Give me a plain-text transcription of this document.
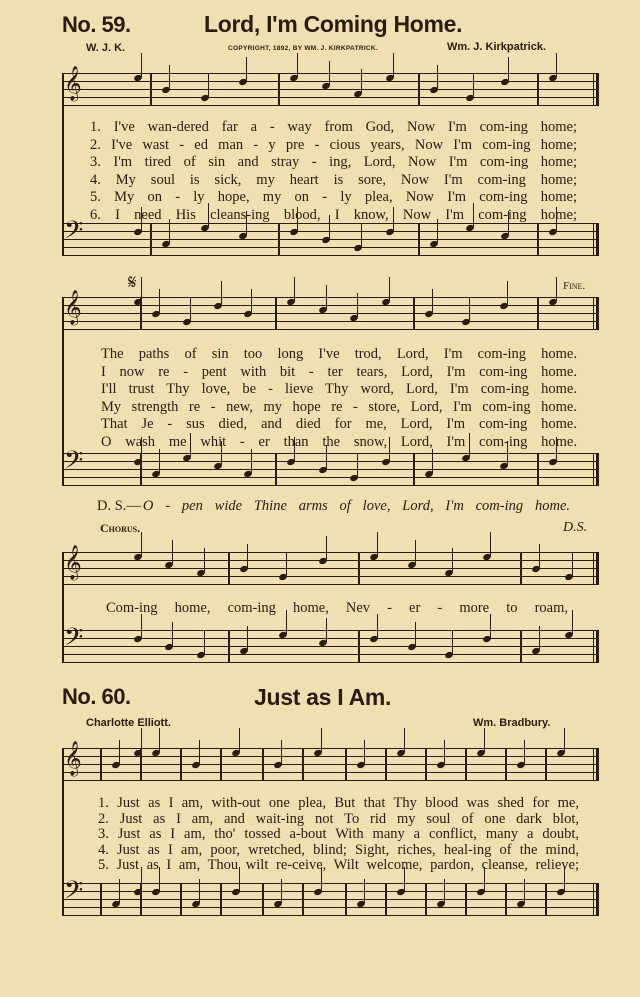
No. 59.	Lord, I'm Coming Home.
W. J. K.	COPYRIGHT, 1892, BY WM. J. KIRKPATRICK.	Wm. J. Kirkpatrick.
𝄞
𝄢
𝄞
𝄢
𝄞
𝄢
𝄞
𝄢
1. I've wan-dered far a - way from God, Now I'm com-ing home;
2. I've wast - ed man - y pre - cious years, Now I'm com-ing home;
3. I'm tired of sin and stray - ing, Lord, Now I'm com-ing home;
4. My soul is sick, my heart is sore, Now I'm com-ing home;
5. My on - ly hope, my on - ly plea, Now I'm com-ing home;
6. I need His cleans-ing blood, I know, Now I'm com-ing home;
𝄋	Fine.
The paths of sin too long I've trod, Lord, I'm com-ing home.
I now re - pent with bit - ter tears, Lord, I'm com-ing home.
I'll trust Thy love, be - lieve Thy word, Lord, I'm com-ing home.
My strength re - new, my hope re - store, Lord, I'm com-ing home.
That Je - sus died, and died for me, Lord, I'm com-ing home.
O wash me whit - er than the snow, Lord, I'm com-ing home.
D. S.— O - pen wide Thine arms of love, Lord, I'm com-ing home.
Chorus.	D.S.
Com-ing home, com-ing home, Nev - er - more to roam,
No. 60.	Just as I Am.
Charlotte Elliott.	Wm. Bradbury.
1. Just as I am, with-out one plea, But that Thy blood was shed for me,
2. Just as I am, and wait-ing not To rid my soul of one dark blot,
3. Just as I am, tho' tossed a-bout With many a conflict, many a doubt,
4. Just as I am, poor, wretched, blind; Sight, riches, heal-ing of the mind,
5. Just as I am, Thou wilt re-ceive, Wilt welcome, pardon, cleanse, relieve;
